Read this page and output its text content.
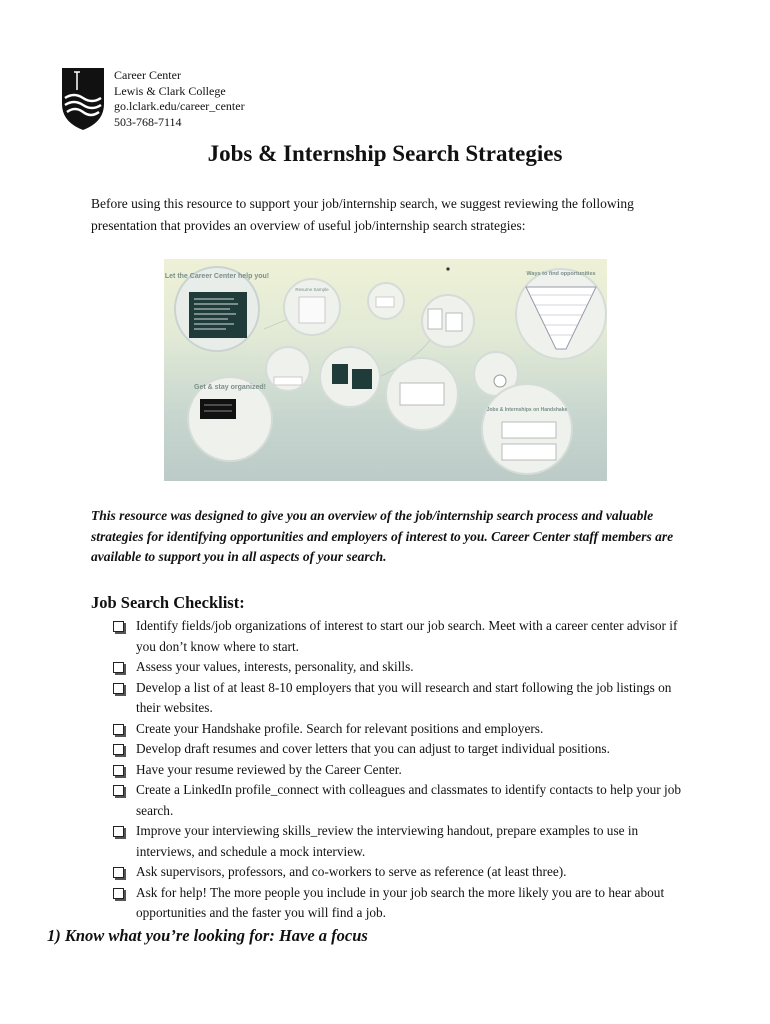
Career Center
Lewis & Clark College
go.lclark.edu/career_center
503-768-7114
Jobs & Internship Search Strategies

Before using this resource to support your job/internship search, we suggest reviewing the following presentation that provides an overview of useful job/internship search strategies:

Let the Career Center help you!
Resume Sample
Ways to find opportunities
Get & stay organized!
Jobs & Internships on Handshake

This resource was designed to give you an overview of the job/internship search process and valuable strategies for identifying opportunities and employers of interest to you. Career Center staff members are available to support you in all aspects of your search.

Job Search Checklist:
Identify fields/job organizations of interest to start our job search. Meet with a career center advisor if you don’t know where to start.
Assess your values, interests, personality, and skills.
Develop a list of at least 8-10 employers that you will research and start following the job listings on their websites.
Create your Handshake profile. Search for relevant positions and employers.
Develop draft resumes and cover letters that you can adjust to target individual positions.
Have your resume reviewed by the Career Center.
Create a LinkedIn profile_connect with colleagues and classmates to identify contacts to help your job search.
Improve your interviewing skills_review the interviewing handout, prepare examples to use in interviews, and schedule a mock interview.
Ask supervisors, professors, and co-workers to serve as reference (at least three).
Ask for help! The more people you include in your job search the more likely you are to hear about opportunities and the faster you will find a job.
1) Know what you’re looking for: Have a focus
